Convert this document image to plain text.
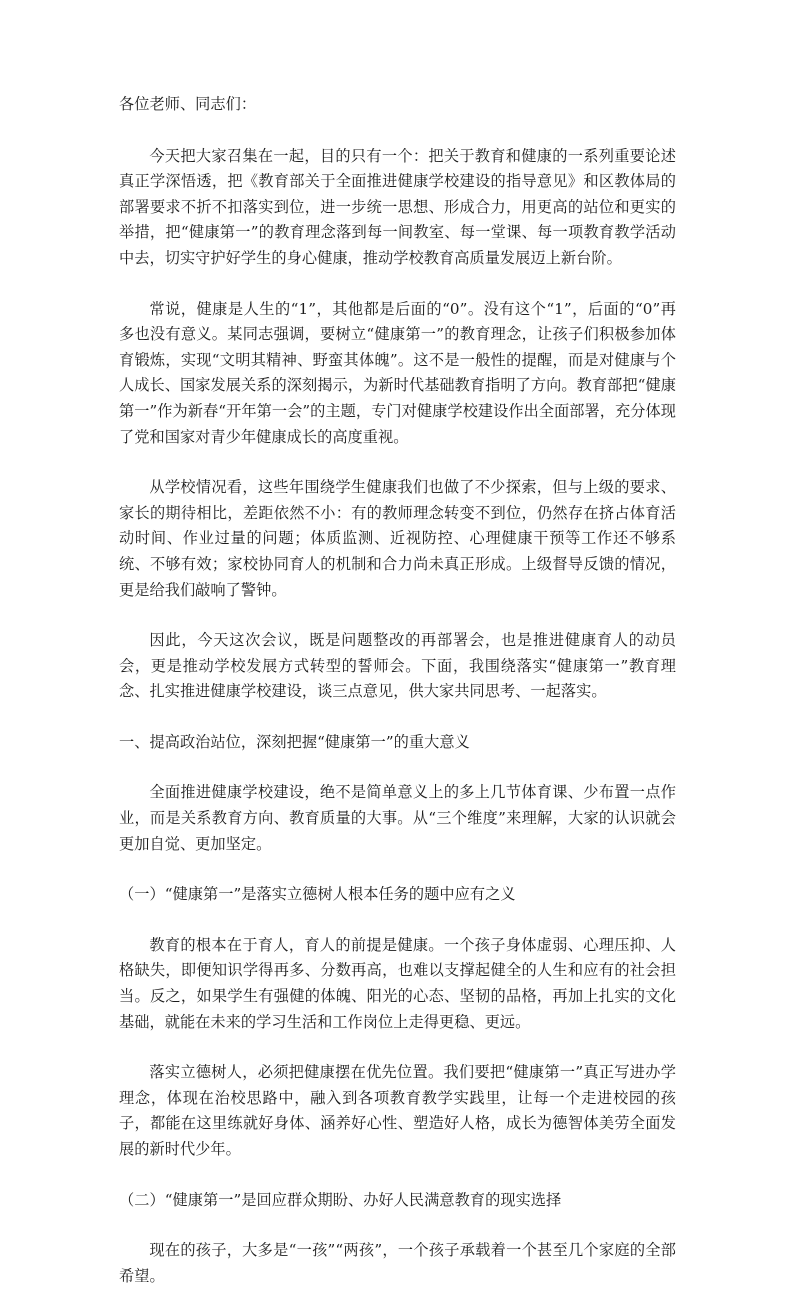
各位老师、同志们：

今天把大家召集在一起，目的只有一个：把关于教育和健康的一系列重要论述真正学深悟透，把《教育部关于全面推进健康学校建设的指导意见》和区教体局的部署要求不折不扣落实到位，进一步统一思想、形成合力，用更高的站位和更实的举措，把“健康第一”的教育理念落到每一间教室、每一堂课、每一项教育教学活动中去，切实守护好学生的身心健康，推动学校教育高质量发展迈上新台阶。

常说，健康是人生的“1”，其他都是后面的“0”。没有这个“1”，后面的“0”再多也没有意义。某同志强调，要树立“健康第一”的教育理念，让孩子们积极参加体育锻炼，实现“文明其精神、野蛮其体魄”。这不是一般性的提醒，而是对健康与个人成长、国家发展关系的深刻揭示，为新时代基础教育指明了方向。教育部把“健康第一”作为新春“开年第一会”的主题，专门对健康学校建设作出全面部署，充分体现了党和国家对青少年健康成长的高度重视。

从学校情况看，这些年围绕学生健康我们也做了不少探索，但与上级的要求、家长的期待相比，差距依然不小：有的教师理念转变不到位，仍然存在挤占体育活动时间、作业过量的问题；体质监测、近视防控、心理健康干预等工作还不够系统、不够有效；家校协同育人的机制和合力尚未真正形成。上级督导反馈的情况，更是给我们敲响了警钟。

因此，今天这次会议，既是问题整改的再部署会，也是推进健康育人的动员会，更是推动学校发展方式转型的誓师会。下面，我围绕落实“健康第一”教育理念、扎实推进健康学校建设，谈三点意见，供大家共同思考、一起落实。

一、提高政治站位，深刻把握“健康第一”的重大意义

全面推进健康学校建设，绝不是简单意义上的多上几节体育课、少布置一点作业，而是关系教育方向、教育质量的大事。从“三个维度”来理解，大家的认识就会更加自觉、更加坚定。

（一）“健康第一”是落实立德树人根本任务的题中应有之义

教育的根本在于育人，育人的前提是健康。一个孩子身体虚弱、心理压抑、人格缺失，即便知识学得再多、分数再高，也难以支撑起健全的人生和应有的社会担当。反之，如果学生有强健的体魄、阳光的心态、坚韧的品格，再加上扎实的文化基础，就能在未来的学习生活和工作岗位上走得更稳、更远。

落实立德树人，必须把健康摆在优先位置。我们要把“健康第一”真正写进办学理念，体现在治校思路中，融入到各项教育教学实践里，让每一个走进校园的孩子，都能在这里练就好身体、涵养好心性、塑造好人格，成长为德智体美劳全面发展的新时代少年。

（二）“健康第一”是回应群众期盼、办好人民满意教育的现实选择

现在的孩子，大多是“一孩”“两孩”，一个孩子承载着一个甚至几个家庭的全部希望。
